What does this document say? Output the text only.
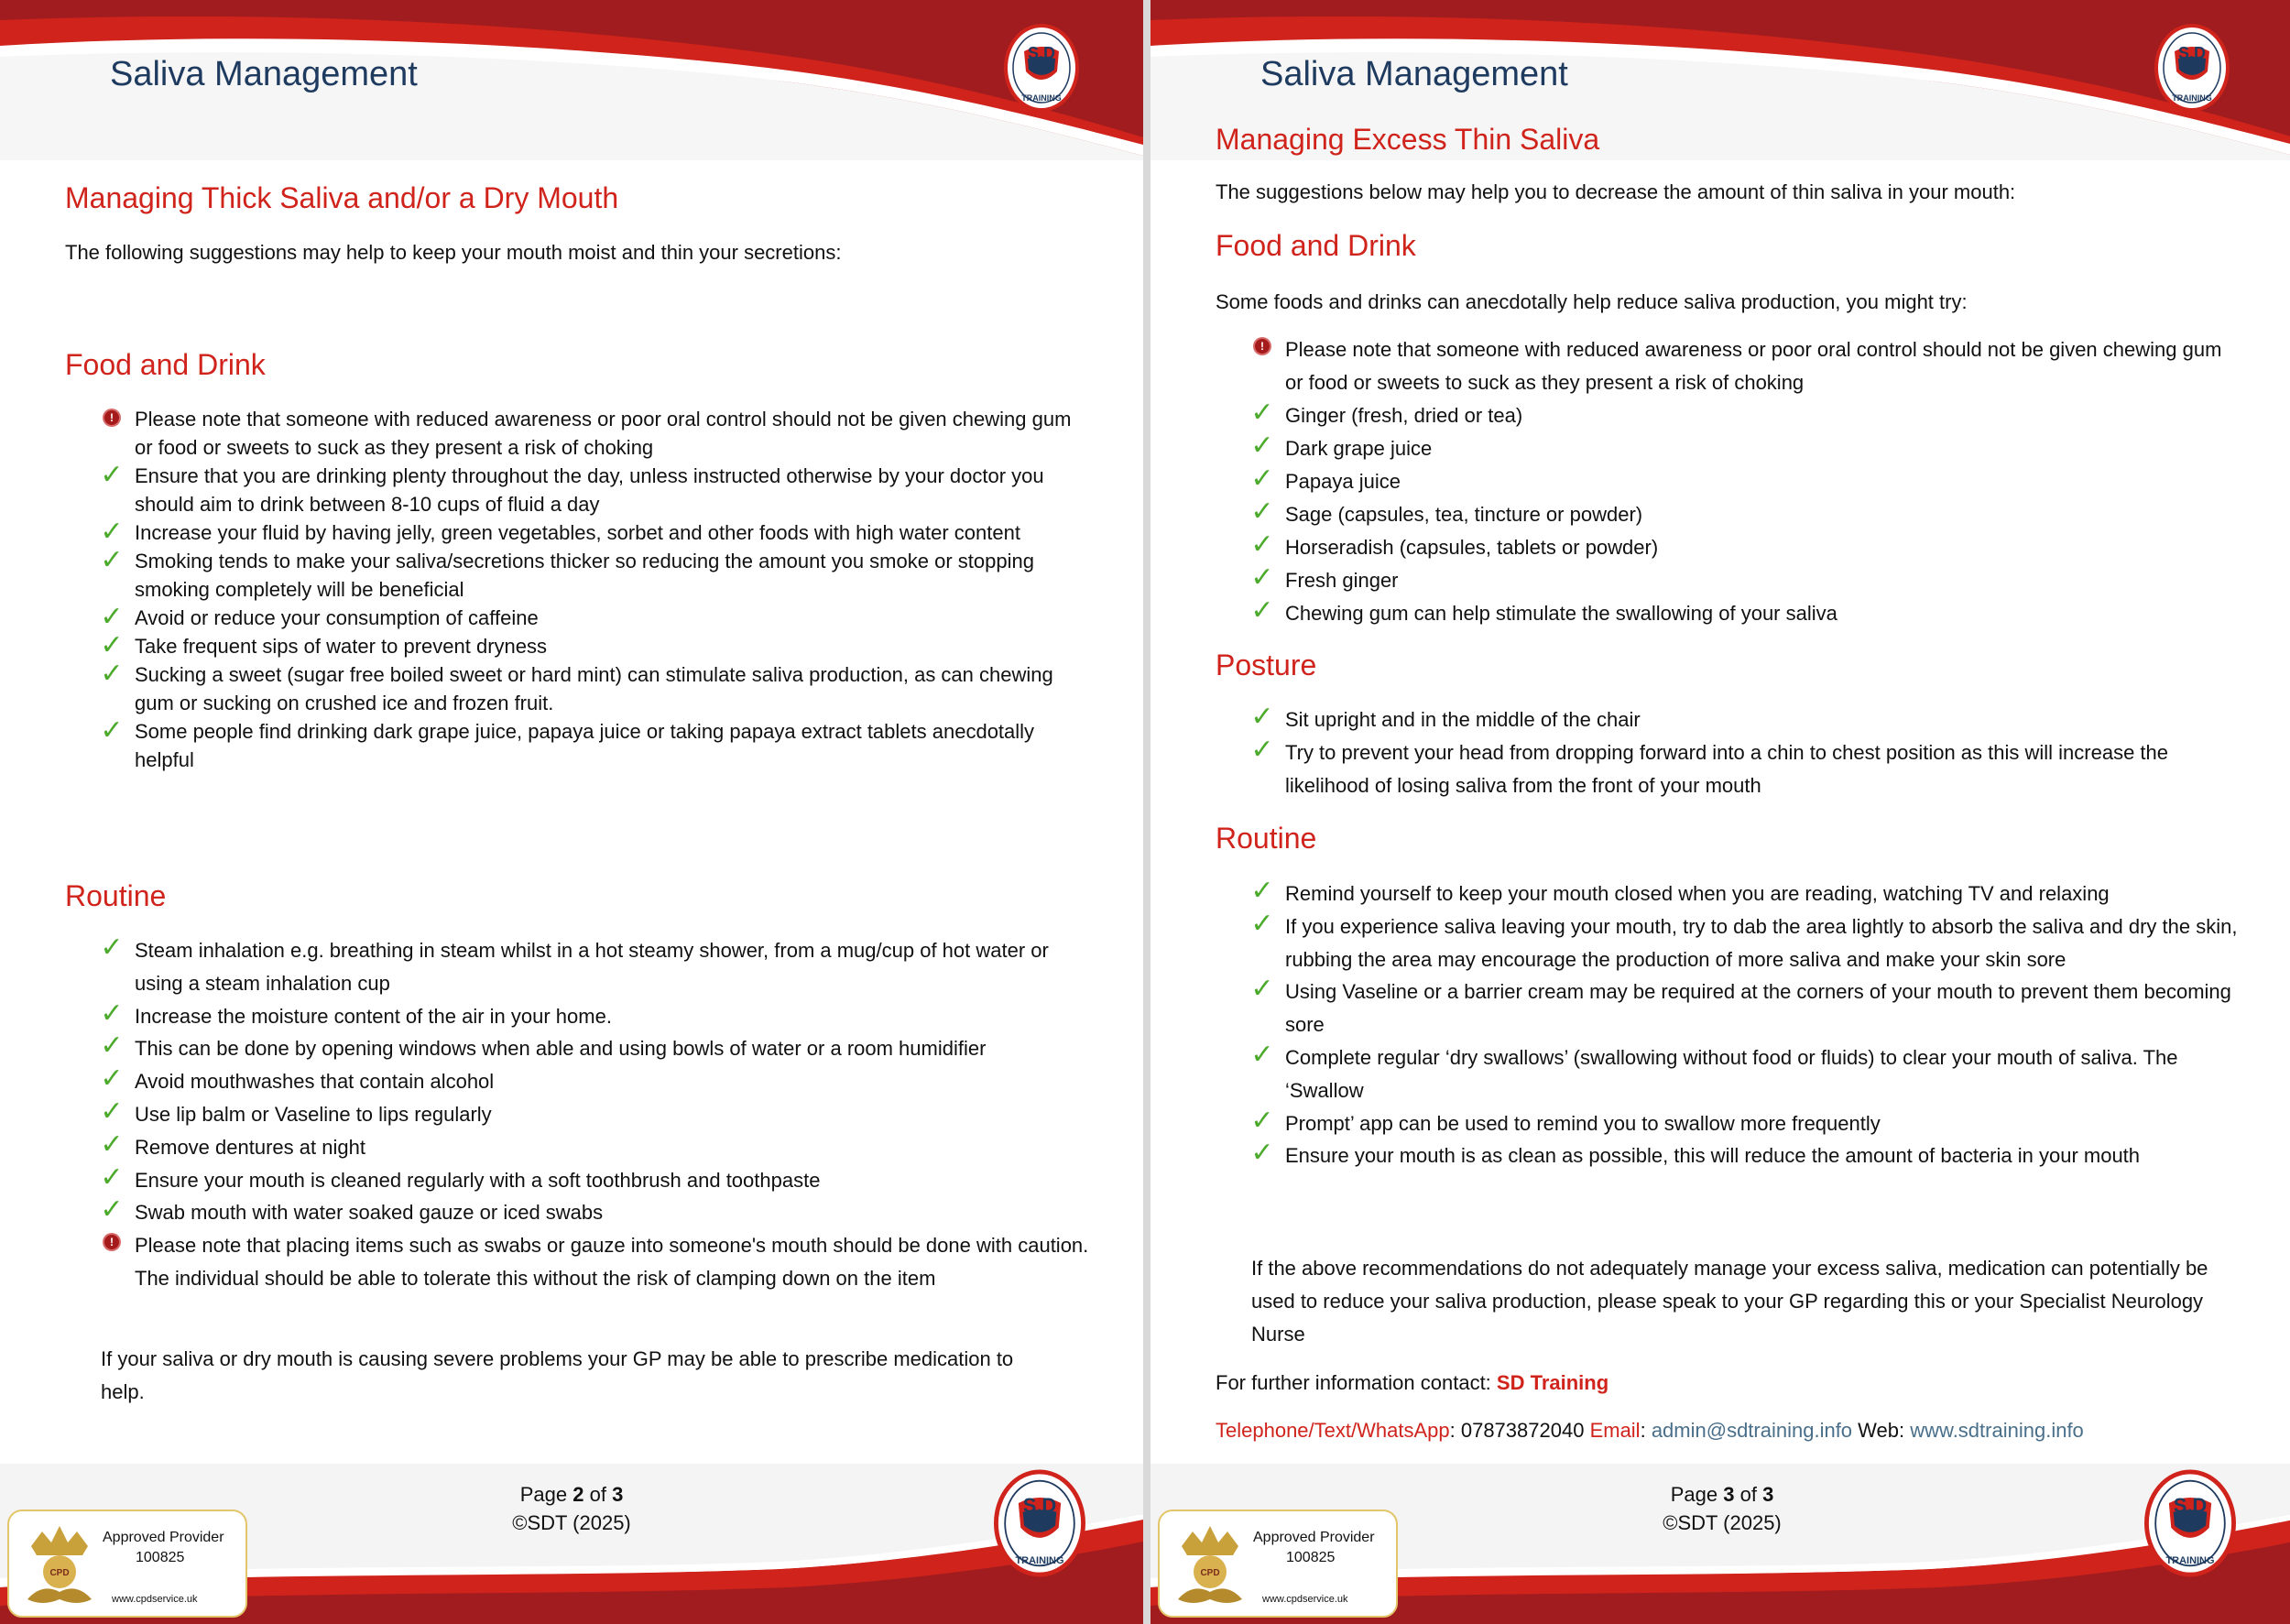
Saliva Management
S.D
TRAINING
Managing Thick Saliva and/or a Dry Mouth

The following suggestions may help to keep your mouth moist and thin your secretions:

Food and Drink
! Please note that someone with reduced awareness or poor oral control should not be given chewing gum or food or sweets to suck as they present a risk of choking
✓ Ensure that you are drinking plenty throughout the day, unless instructed otherwise by your doctor you should aim to drink between 8-10 cups of fluid a day
✓ Increase your fluid by having jelly, green vegetables, sorbet and other foods with high water content
✓ Smoking tends to make your saliva/secretions thicker so reducing the amount you smoke or stopping smoking completely will be beneficial
✓ Avoid or reduce your consumption of caffeine
✓ Take frequent sips of water to prevent dryness
✓ Sucking a sweet (sugar free boiled sweet or hard mint) can stimulate saliva production, as can chewing gum or sucking on crushed ice and frozen fruit.
✓ Some people find drinking dark grape juice, papaya juice or taking papaya extract tablets anecdotally helpful
Routine
✓ Steam inhalation e.g. breathing in steam whilst in a hot steamy shower, from a mug/cup of hot water or using a steam inhalation cup
✓ Increase the moisture content of the air in your home.
✓ This can be done by opening windows when able and using bowls of water or a room humidifier
✓ Avoid mouthwashes that contain alcohol
✓ Use lip balm or Vaseline to lips regularly
✓ Remove dentures at night
✓ Ensure your mouth is cleaned regularly with a soft toothbrush and toothpaste
✓ Swab mouth with water soaked gauze or iced swabs
! Please note that placing items such as swabs or gauze into someone's mouth should be done with caution. The individual should be able to tolerate this without the risk of clamping down on the item

If your saliva or dry mouth is causing severe problems your GP may be able to prescribe medication to help.

Page 2 of 3
©SDT (2025)
CPD
Approved Provider
100825
www.cpdservice.uk
S.D
TRAINING
Saliva Management
S.D
TRAINING
Managing Excess Thin Saliva

The suggestions below may help you to decrease the amount of thin saliva in your mouth:

Food and Drink

Some foods and drinks can anecdotally help reduce saliva production, you might try:

! Please note that someone with reduced awareness or poor oral control should not be given chewing gum or food or sweets to suck as they present a risk of choking
✓ Ginger (fresh, dried or tea)
✓ Dark grape juice
✓ Papaya juice
✓ Sage (capsules, tea, tincture or powder)
✓ Horseradish (capsules, tablets or powder)
✓ Fresh ginger
✓ Chewing gum can help stimulate the swallowing of your saliva
Posture
✓ Sit upright and in the middle of the chair
✓ Try to prevent your head from dropping forward into a chin to chest position as this will increase the likelihood of losing saliva from the front of your mouth
Routine
✓ Remind yourself to keep your mouth closed when you are reading, watching TV and relaxing
✓ If you experience saliva leaving your mouth, try to dab the area lightly to absorb the saliva and dry the skin, rubbing the area may encourage the production of more saliva and make your skin sore
✓ Using Vaseline or a barrier cream may be required at the corners of your mouth to prevent them becoming sore
✓ Complete regular ‘dry swallows’ (swallowing without food or fluids) to clear your mouth of saliva. The ‘Swallow
✓ Prompt’ app can be used to remind you to swallow more frequently
✓ Ensure your mouth is as clean as possible, this will reduce the amount of bacteria in your mouth

If the above recommendations do not adequately manage your excess saliva, medication can potentially be used to reduce your saliva production, please speak to your GP regarding this or your Specialist Neurology Nurse

For further information contact: SD Training

Telephone/Text/WhatsApp: 07873872040 Email: admin@sdtraining.info Web: www.sdtraining.info

Page 3 of 3
©SDT (2025)
CPD
Approved Provider
100825
www.cpdservice.uk
S.D
TRAINING
